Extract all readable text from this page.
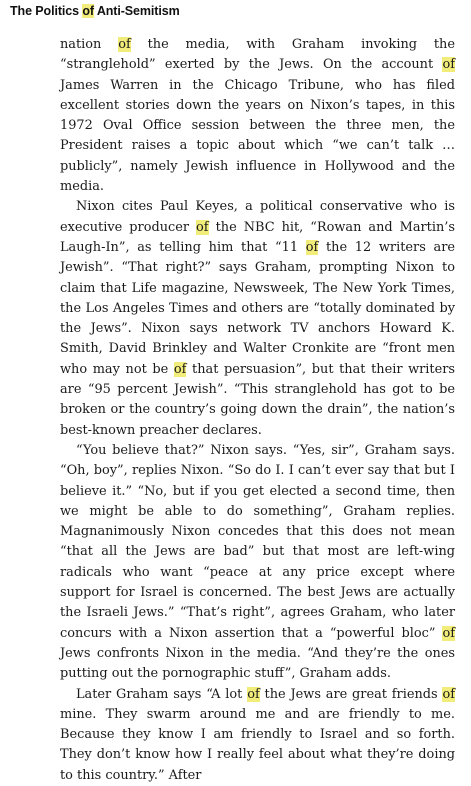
The Politics of Anti-Semitism

nation of the media, with Graham invoking the “stranglehold” exerted by the Jews. On the account of James Warren in the Chicago Tribune, who has filed excellent stories down the years on Nixon’s tapes, in this 1972 Oval Office session between the three men, the President raises a topic about which “we can’t talk … publicly”, namely Jewish influence in Hollywood and the media.

Nixon cites Paul Keyes, a political conservative who is executive producer of the NBC hit, “Rowan and Martin’s Laugh-In”, as telling him that “11 of the 12 writers are Jewish”. “That right?” says Graham, prompting Nixon to claim that Life magazine, Newsweek, The New York Times, the Los Angeles Times and others are “totally dominated by the Jews”. Nixon says network TV anchors Howard K. Smith, David Brinkley and Walter Cronkite are “front men who may not be of that persuasion”, but that their writers are “95 percent Jewish”. “This stranglehold has got to be broken or the country’s going down the drain”, the nation’s best-known preacher declares.

“You believe that?” Nixon says. “Yes, sir”, Graham says. “Oh, boy”, replies Nixon. “So do I. I can’t ever say that but I believe it.” “No, but if you get elected a second time, then we might be able to do something”, Graham replies. Magnanimously Nixon concedes that this does not mean “that all the Jews are bad” but that most are left-wing radicals who want “peace at any price except where support for Israel is concerned. The best Jews are actually the Israeli Jews.” “That’s right”, agrees Graham, who later concurs with a Nixon assertion that a “powerful bloc” of Jews confronts Nixon in the media. “And they’re the ones putting out the pornographic stuff”, Graham adds.

Later Graham says “A lot of the Jews are great friends of mine. They swarm around me and are friendly to me. Because they know I am friendly to Israel and so forth. They don’t know how I really feel about what they’re doing to this country.” After
